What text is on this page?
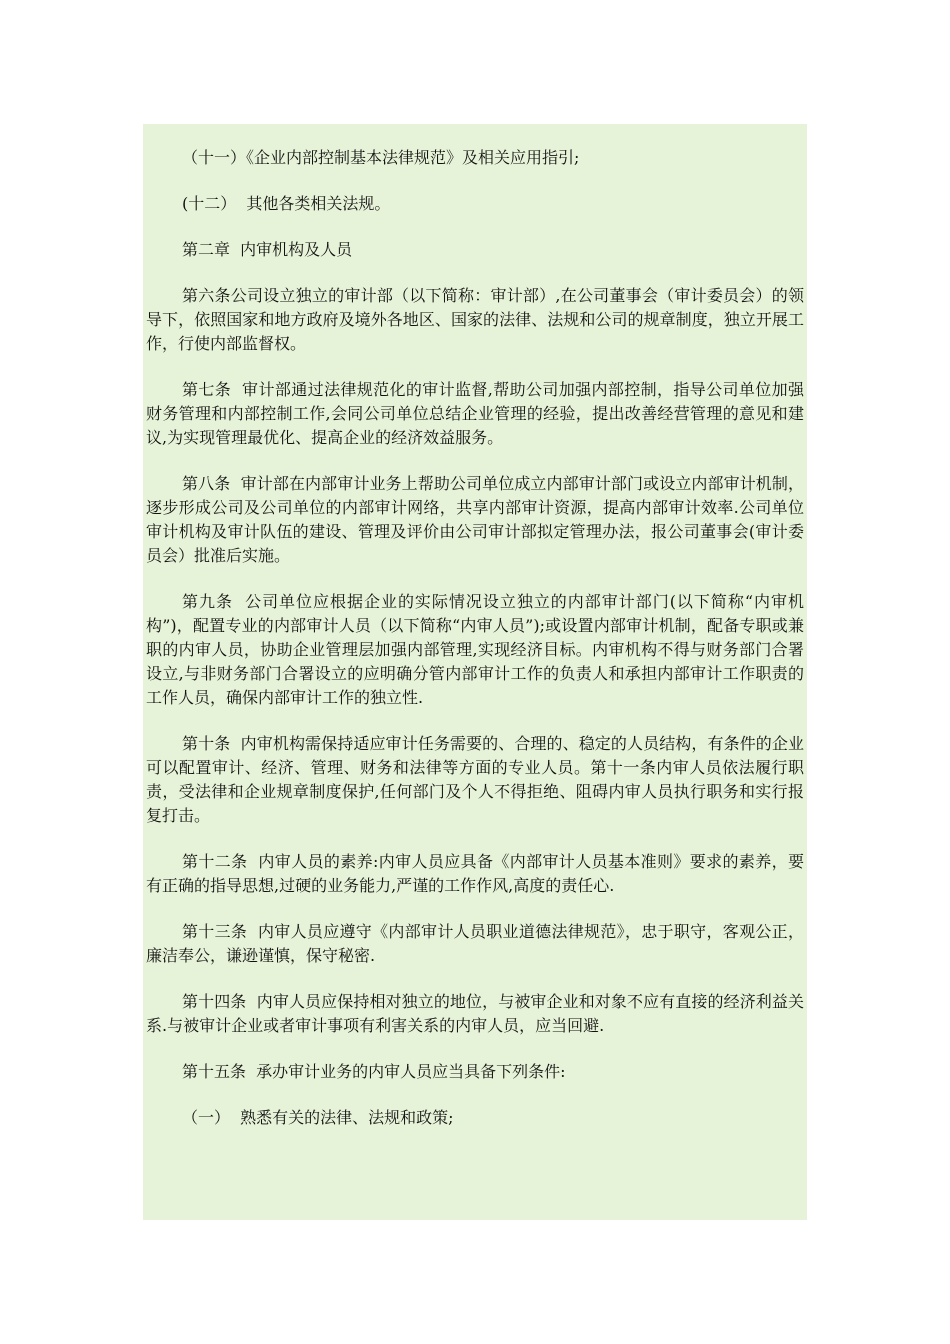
（十一）《企业内部控制基本法律规范》及相关应用指引;

(十二）  其他各类相关法规。

第二章  内审机构及人员

第六条公司设立独立的审计部（以下简称：审计部）,在公司董事会（审计委员会）的领导下，依照国家和地方政府及境外各地区、国家的法律、法规和公司的规章制度，独立开展工作，行使内部监督权。

第七条  审计部通过法律规范化的审计监督,帮助公司加强内部控制，指导公司单位加强财务管理和内部控制工作,会同公司单位总结企业管理的经验，提出改善经营管理的意见和建议,为实现管理最优化、提高企业的经济效益服务。

第八条  审计部在内部审计业务上帮助公司单位成立内部审计部门或设立内部审计机制，逐步形成公司及公司单位的内部审计网络，共享内部审计资源，提高内部审计效率.公司单位审计机构及审计队伍的建设、管理及评价由公司审计部拟定管理办法，报公司董事会(审计委员会）批准后实施。

第九条  公司单位应根据企业的实际情况设立独立的内部审计部门(以下简称“内审机构”)，配置专业的内部审计人员（以下简称“内审人员”);或设置内部审计机制，配备专职或兼职的内审人员，协助企业管理层加强内部管理,实现经济目标。内审机构不得与财务部门合署设立,与非财务部门合署设立的应明确分管内部审计工作的负责人和承担内部审计工作职责的工作人员，确保内部审计工作的独立性.

第十条  内审机构需保持适应审计任务需要的、合理的、稳定的人员结构，有条件的企业可以配置审计、经济、管理、财务和法律等方面的专业人员。第十一条内审人员依法履行职责，受法律和企业规章制度保护,任何部门及个人不得拒绝、阻碍内审人员执行职务和实行报复打击。

第十二条  内审人员的素养:内审人员应具备《内部审计人员基本准则》要求的素养，要有正确的指导思想,过硬的业务能力,严谨的工作作风,高度的责任心.

第十三条  内审人员应遵守《内部审计人员职业道德法律规范》，忠于职守，客观公正，廉洁奉公，谦逊谨慎，保守秘密.

第十四条  内审人员应保持相对独立的地位，与被审企业和对象不应有直接的经济利益关系.与被审计企业或者审计事项有利害关系的内审人员，应当回避.

第十五条  承办审计业务的内审人员应当具备下列条件:

（一）  熟悉有关的法律、法规和政策;
